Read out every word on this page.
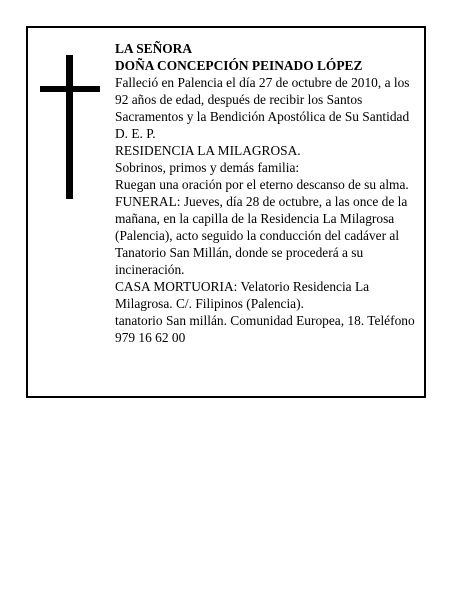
LA SEÑORA

DOÑA CONCEPCIÓN PEINADO LÓPEZ

Falleció en Palencia el día 27 de octubre de 2010, a los 92 años de edad, después de recibir los Santos Sacramentos y la Bendición Apostólica de Su Santidad

D. E. P.

RESIDENCIA LA MILAGROSA.

Sobrinos, primos y demás familia:

Ruegan una oración por el eterno descanso de su alma.

FUNERAL: Jueves, día 28 de octubre, a las once de la mañana, en la capilla de la Residencia La Milagrosa (Palencia), acto seguido la conducción del cadáver al Tanatorio San Millán, donde se procederá a su incineración.

CASA MORTUORIA: Velatorio Residencia La Milagrosa. C/. Filipinos (Palencia).

tanatorio San millán. Comunidad Europea, 18. Teléfono 979 16 62 00
